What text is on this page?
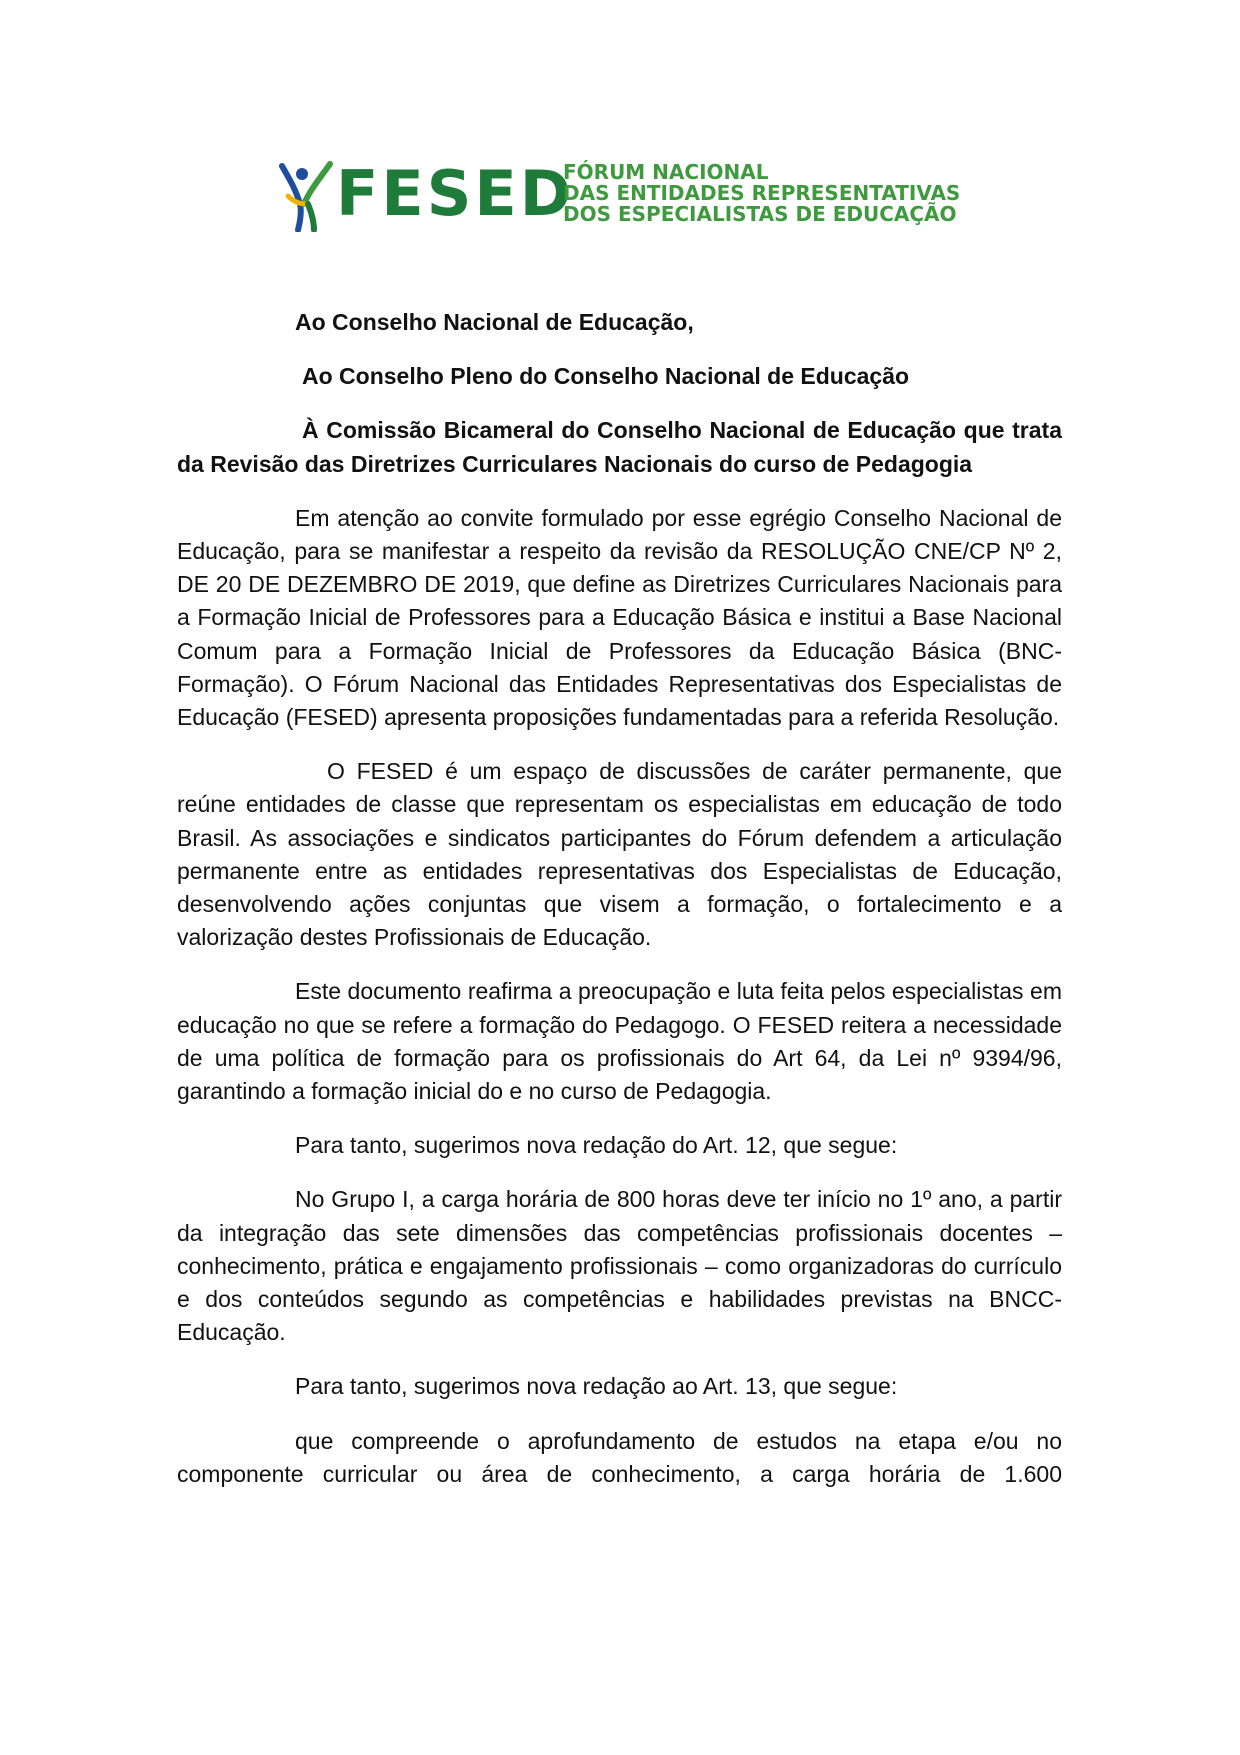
FESED
FÓRUM NACIONAL
DAS ENTIDADES REPRESENTATIVAS
DOS ESPECIALISTAS DE EDUCAÇÃO

Ao Conselho Nacional de Educação,

Ao Conselho Pleno do Conselho Nacional de Educação

À Comissão Bicameral do Conselho Nacional de Educação que trata da Revisão das Diretrizes Curriculares Nacionais do curso de Pedagogia

Em atenção ao convite formulado por esse egrégio Conselho Nacional de Educação, para se manifestar a respeito da revisão da RESOLUÇÃO CNE/CP Nº 2, DE 20 DE DEZEMBRO DE 2019, que define as Diretrizes Curriculares Nacionais para a Formação Inicial de Professores para a Educação Básica e institui a Base Nacional Comum para a Formação Inicial de Professores da Educação Básica (BNC-Formação). O Fórum Nacional das Entidades Representativas dos Especialistas de Educação (FESED) apresenta proposições fundamentadas para a referida Resolução.

O FESED é um espaço de discussões de caráter permanente, que reúne entidades de classe que representam os especialistas em educação de todo Brasil. As associações e sindicatos participantes do Fórum defendem a articulação permanente entre as entidades representativas dos Especialistas de Educação, desenvolvendo ações conjuntas que visem a formação, o fortalecimento e a valorização destes Profissionais de Educação.

Este documento reafirma a preocupação e luta feita pelos especialistas em educação no que se refere a formação do Pedagogo. O FESED reitera a necessidade de uma política de formação para os profissionais do Art 64, da Lei nº 9394/96, garantindo a formação inicial do e no curso de Pedagogia.

Para tanto, sugerimos nova redação do Art. 12, que segue:

No Grupo I, a carga horária de 800 horas deve ter início no 1º ano, a partir da integração das sete dimensões das competências profissionais docentes – conhecimento, prática e engajamento profissionais – como organizadoras do currículo e dos conteúdos segundo as competências e habilidades previstas na BNCC-Educação.

Para tanto, sugerimos nova redação ao Art. 13, que segue:

que compreende o aprofundamento de estudos na etapa e/ou no componente curricular ou área de conhecimento, a carga horária de 1.600
